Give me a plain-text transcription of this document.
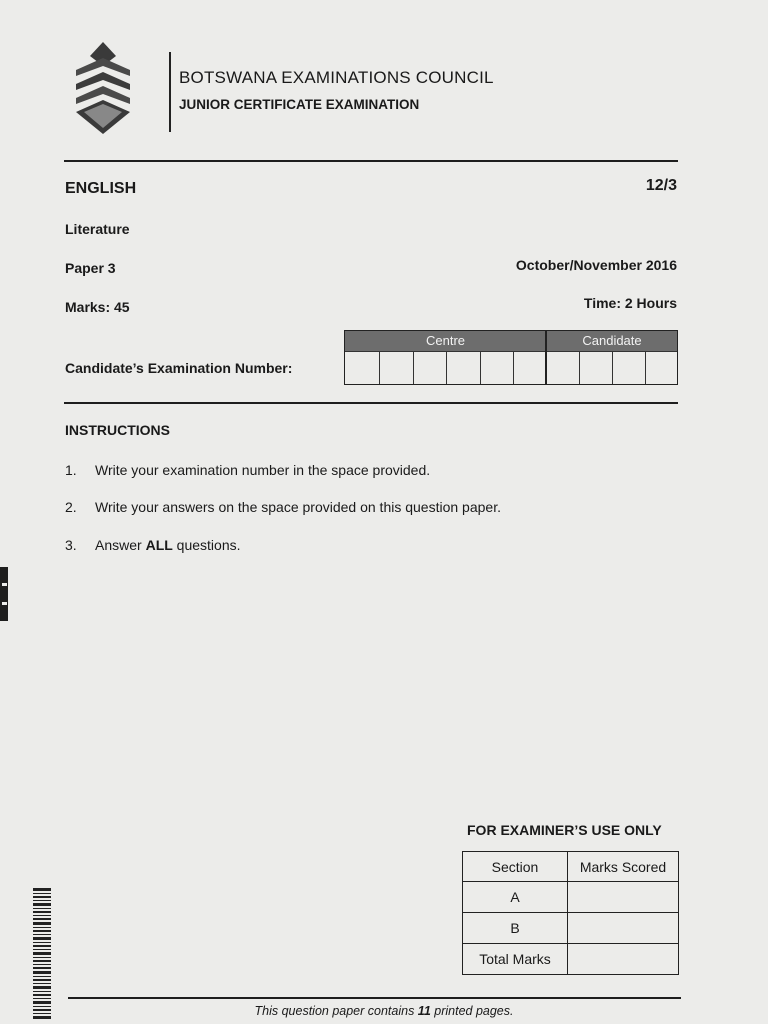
BOTSWANA EXAMINATIONS COUNCIL
JUNIOR CERTIFICATE EXAMINATION
ENGLISH	12/3
Literature
Paper 3	October/November 2016
Marks: 45	Time: 2 Hours
Candidate’s Examination Number:
Centre	Candidate
INSTRUCTIONS
1. Write your examination number in the space provided.
2. Write your answers on the space provided on this question paper.
3. Answer ALL questions.
FOR EXAMINER’S USE ONLY
Section	Marks Scored
A	
B	
Total Marks	
This question paper contains 11 printed pages.
